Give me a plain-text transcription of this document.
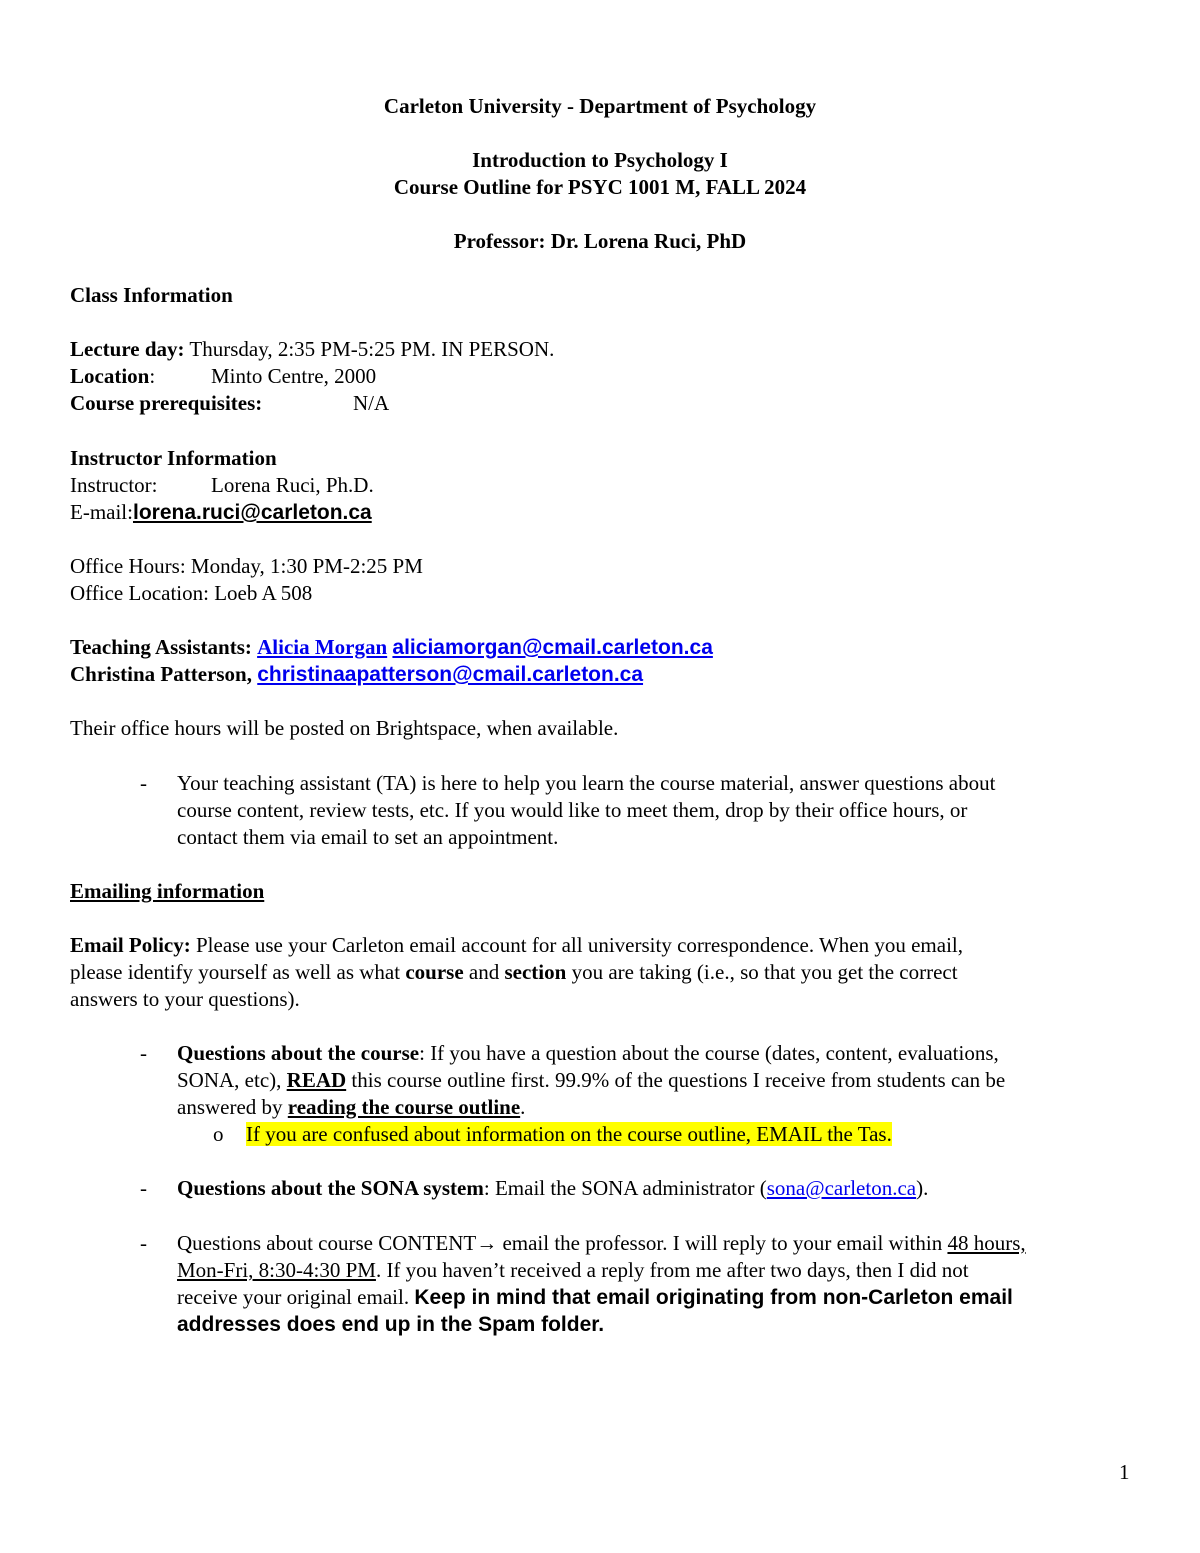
Carleton University - Department of Psychology
Introduction to Psychology I
Course Outline for PSYC 1001 M, FALL 2024
Professor: Dr. Lorena Ruci, PhD
Class Information
Lecture day: Thursday, 2:35 PM-5:25 PM. IN PERSON.
Location:	Minto Centre, 2000
Course prerequisites:	N/A
Instructor Information
Instructor:	Lorena Ruci, Ph.D.
E-mail:lorena.ruci@carleton.ca
Office Hours: Monday, 1:30 PM-2:25 PM
Office Location: Loeb A 508
Teaching Assistants: Alicia Morgan aliciamorgan@cmail.carleton.ca
Christina Patterson, christinaapatterson@cmail.carleton.ca
Their office hours will be posted on Brightspace, when available.
- Your teaching assistant (TA) is here to help you learn the course material, answer questions about
course content, review tests, etc. If you would like to meet them, drop by their office hours, or
contact them via email to set an appointment.
Emailing information
Email Policy: Please use your Carleton email account for all university correspondence. When you email,
please identify yourself as well as what course and section you are taking (i.e., so that you get the correct
answers to your questions).
- Questions about the course: If you have a question about the course (dates, content, evaluations,
SONA, etc), READ this course outline first. 99.9% of the questions I receive from students can be
answered by reading the course outline.
o If you are confused about information on the course outline, EMAIL the Tas.
- Questions about the SONA system: Email the SONA administrator (sona@carleton.ca).
- Questions about course CONTENT→ email the professor. I will reply to your email within 48 hours,
Mon-Fri, 8:30-4:30 PM. If you haven’t received a reply from me after two days, then I did not
receive your original email. Keep in mind that email originating from non-Carleton email
addresses does end up in the Spam folder.
1
